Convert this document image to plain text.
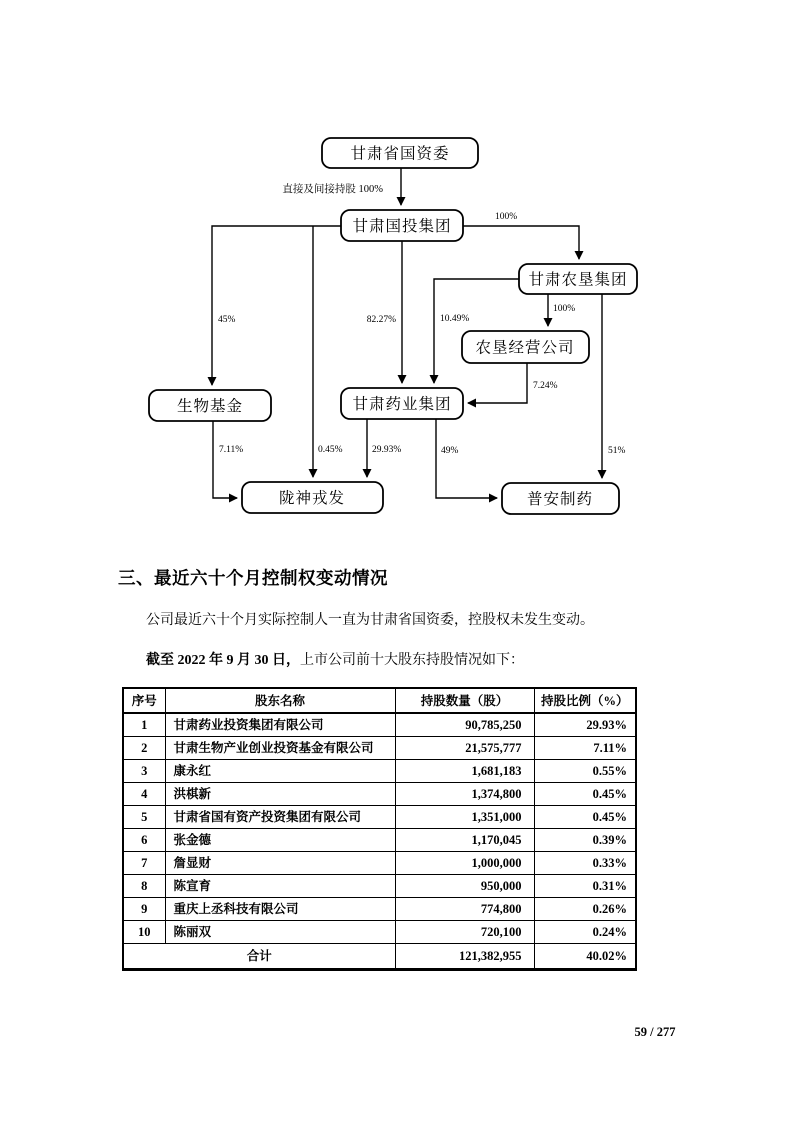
直接及间接持股 100%
100%
45%	82.27%	10.49%
100%
7.24%
7.11%	0.45%	29.93%	49%	51%
甘肃省国资委
甘肃国投集团
甘肃农垦集团
农垦经营公司
生物基金	甘肃药业集团
陇神戎发	普安制药
三、最近六十个月控制权变动情况
公司最近六十个月实际控制人一直为甘肃省国资委，控股权未发生变动。
截至 2022 年 9 月 30 日，上市公司前十大股东持股情况如下：
序号	股东名称	持股数量（股）	持股比例（%）
1	甘肃药业投资集团有限公司	90,785,250	29.93%
2	甘肃生物产业创业投资基金有限公司	21,575,777	7.11%
3	康永红	1,681,183	0.55%
4	洪棋新	1,374,800	0.45%
5	甘肃省国有资产投资集团有限公司	1,351,000	0.45%
6	张金德	1,170,045	0.39%
7	詹显财	1,000,000	0.33%
8	陈宣育	950,000	0.31%
9	重庆上丞科技有限公司	774,800	0.26%
10	陈丽双	720,100	0.24%
合计		121,382,955	40.02%
59 / 277
